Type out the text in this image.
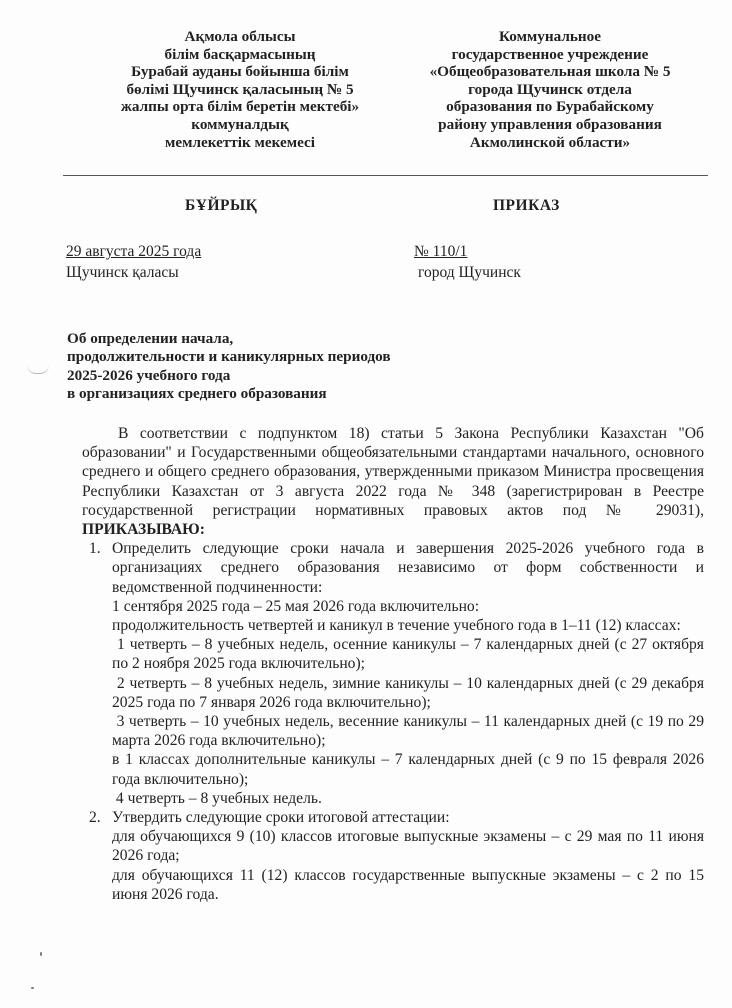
Ақмола облысы
білім басқармасының
Бурабай ауданы бойынша білім
бөлімі Щучинск қаласының № 5
жалпы орта білім беретін мектебі»
коммуналдық
мемлекеттік мекемесі
Коммунальное
государственное учреждение
«Общеобразовательная школа № 5
города Щучинск отдела
образования по Бурабайскому
району управления образования
Акмолинской области»
БҰЙРЫҚ	ПРИКАЗ
29 августа 2025 года
Щучинск қаласы
№ 110/1
город Щучинск
Об определении начала,
продолжительности и каникулярных периодов
2025-2026 учебного года
в организациях среднего образования
В соответствии с подпунктом 18) статьи 5 Закона Республики Казахстан "Об образовании" и Государственными общеобязательными стандартами начального, основного среднего и общего среднего образования, утвержденными приказом Министра просвещения Республики Казахстан от 3 августа 2022 года № 348 (зарегистрирован в Реестре государственной регистрации нормативных правовых актов под № 29031), ПРИКАЗЫВАЮ:
1. Определить следующие сроки начала и завершения 2025-2026 учебного года в организациях среднего образования независимо от форм собственности и ведомственной подчиненности:
1 сентября 2025 года – 25 мая 2026 года включительно:
продолжительность четвертей и каникул в течение учебного года в 1–11 (12) классах:
1 четверть – 8 учебных недель, осенние каникулы – 7 календарных дней (с 27 октября по 2 ноября 2025 года включительно);
2 четверть – 8 учебных недель, зимние каникулы – 10 календарных дней (с 29 декабря 2025 года по 7 января 2026 года включительно);
3 четверть – 10 учебных недель, весенние каникулы – 11 календарных дней (с 19 по 29 марта 2026 года включительно);
в 1 классах дополнительные каникулы – 7 календарных дней (с 9 по 15 февраля 2026 года включительно);
4 четверть – 8 учебных недель.
2. Утвердить следующие сроки итоговой аттестации:
для обучающихся 9 (10) классов итоговые выпускные экзамены – с 29 мая по 11 июня 2026 года;
для обучающихся 11 (12) классов государственные выпускные экзамены – с 2 по 15 июня 2026 года.
